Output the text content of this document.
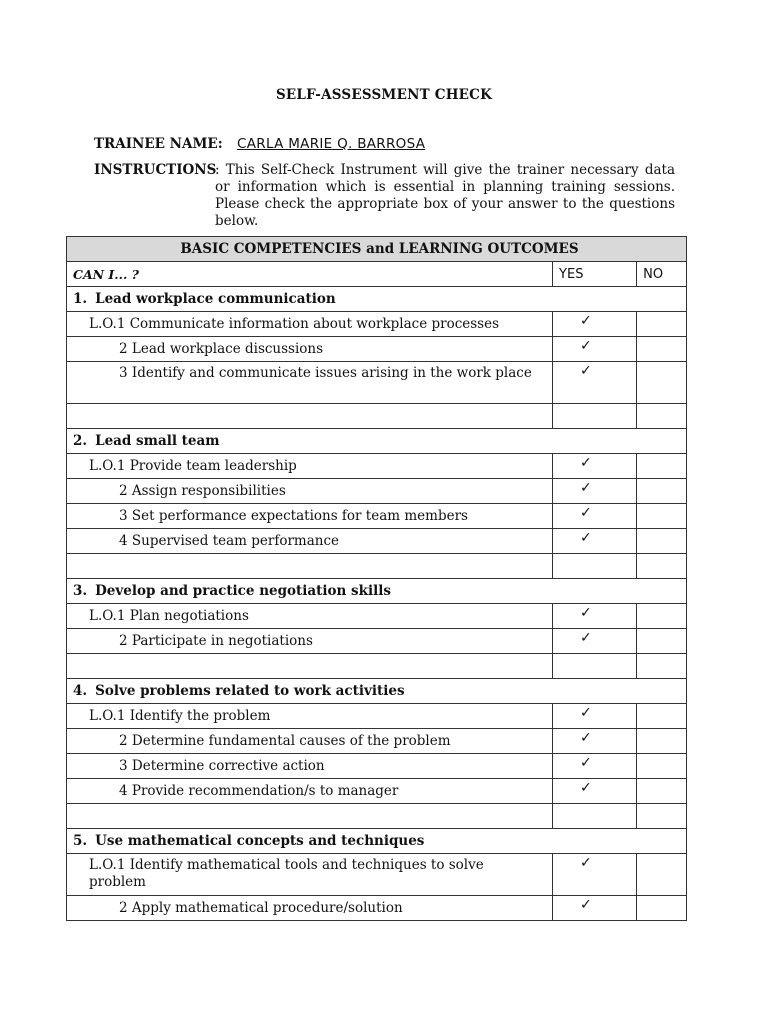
SELF-ASSESSMENT CHECK
TRAINEE NAME: CARLA MARIE Q. BARROSA
INSTRUCTIONS
: This Self-Check Instrument will give the trainer necessary data or information which is essential in planning training sessions. Please check the appropriate box of your answer to the questions below.
BASIC COMPETENCIES and LEARNING OUTCOMES		
CAN I... ?	YES	NO
1. Lead workplace communication		
L.O.1 Communicate information about workplace processes	✓	
2 Lead workplace discussions	✓	
3 Identify and communicate issues arising in the work place	✓	

2. Lead small team		
L.O.1 Provide team leadership	✓	
2 Assign responsibilities	✓	
3 Set performance expectations for team members	✓	
4 Supervised team performance	✓	

3. Develop and practice negotiation skills		
L.O.1 Plan negotiations	✓	
2 Participate in negotiations	✓	

4. Solve problems related to work activities		
L.O.1 Identify the problem	✓	
2 Determine fundamental causes of the problem	✓	
3 Determine corrective action	✓	
4 Provide recommendation/s to manager	✓	

5. Use mathematical concepts and techniques		
L.O.1 Identify mathematical tools and techniques to solve problem	✓	
2 Apply mathematical procedure/solution	✓	
